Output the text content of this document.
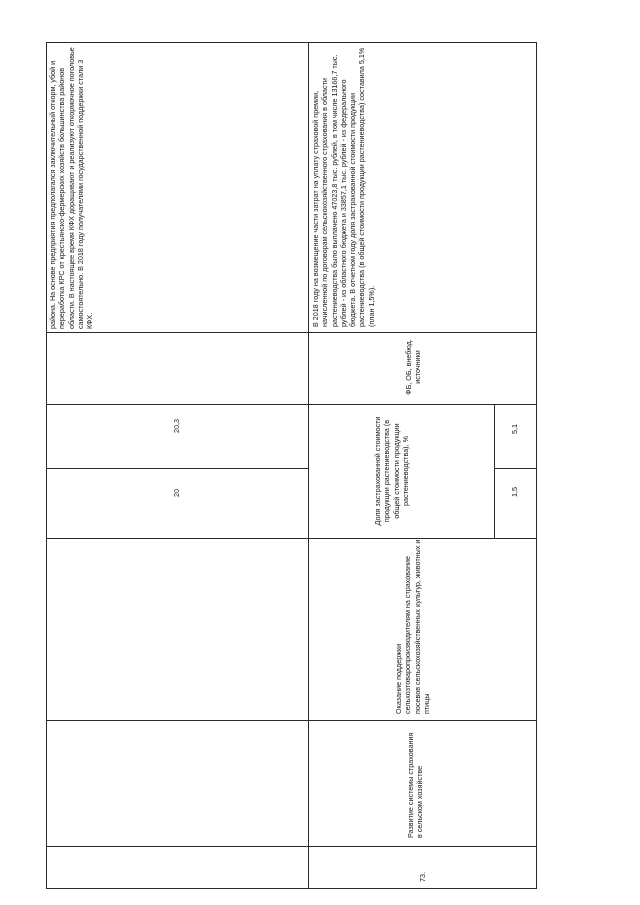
района. На основе предприятия предполагался заключительный откорм, убой и переработка КРС от крестьянско-фермерских хозяйств большинства районов области. В настоящее время КФХ доращивают и реализуют откормочное поголовье самостоятельно. В 2018 году получателями государственной поддержки стали 3 КФХ.
20,3
20
73.
Развитие системы страхования в сельском хозяйстве
Оказание поддержки сельхозтоваропроизводителям на страхование посевов сельскохозяйственных культур, животных и птицы
Доля застрахованной стоимости продукции растениеводства (в общей стоимости продукции растениеводства), %	1,5
5,1
ФБ, ОБ, внебюд. источники
В 2018 году на возмещение части затрат на уплату страховой премии, начисленной по договорам сельскохозяйственного страхования в области растениеводства было выплачено 47023,8 тыс. рублей, в том числе 13166,7 тыс. рублей - из областного бюджета и 33857,1 тыс. рублей - из федерального бюджета. В отчетном году доля застрахованной стоимости продукции растениеводства (в общей стоимости продукции растениеводства) составила 5,1% (план 1,5%).
